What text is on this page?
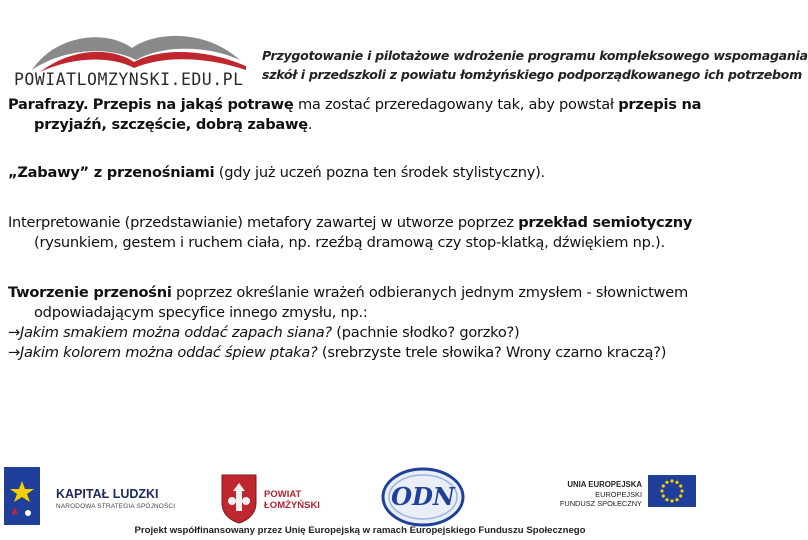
POWIATLOMZYNSKI.EDU.PL
Przygotowanie i pilotażowe wdrożenie programu kompleksowego wspomagania
szkół i przedszkoli z powiatu łomżyńskiego podporządkowanego ich potrzebom

Parafrazy. Przepis na jakąś potrawę ma zostać przeredagowany tak, aby powstał przepis na przyjaźń, szczęście, dobrą zabawę.

„Zabawy” z przenośniami (gdy już uczeń pozna ten środek stylistyczny).

Interpretowanie (przedstawianie) metafory zawartej w utworze poprzez przekład semiotyczny (rysunkiem, gestem i ruchem ciała, np. rzeźbą dramową czy stop-klatką, dźwiękiem np.).

Tworzenie przenośni poprzez określanie wrażeń odbieranych jednym zmysłem - słownictwem odpowiadającym specyfice innego zmysłu, np.:

→Jakim smakiem można oddać zapach siana? (pachnie słodko? gorzko?)

→Jakim kolorem można oddać śpiew ptaka? (srebrzyste trele słowika? Wrony czarno kraczą?)

KAPITAŁ LUDZKI
NARODOWA STRATEGIA SPÓJNOŚCI
POWIAT
ŁOMŻYŃSKI	ODN	UNIA EUROPEJSKA
EUROPEJSKI
FUNDUSZ SPOŁECZNY
Projekt współfinansowany przez Unię Europejską w ramach Europejskiego Funduszu Społecznego
